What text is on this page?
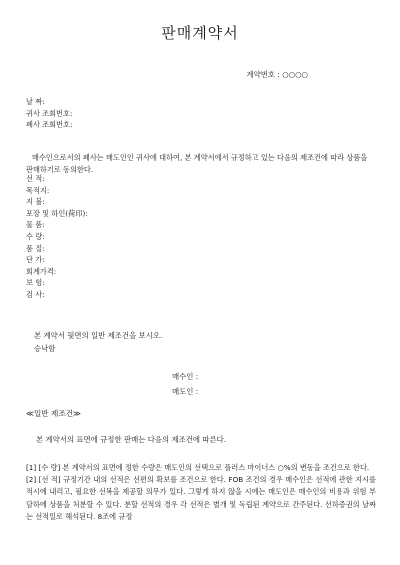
판매계약서
계약번호 : ○○○○
날 짜:
귀사 조회번호:
폐사 조회번호:
매수인으로서의 폐사는 매도인인 귀사에 대하여, 본 계약서에서 규정하고 있는 다음의 제조건에 따라 상품을 판매하기로 동의한다.
선 적:
목적지:
지 불:
포장 및 하인(荷印):
물 품:
수 량:
품 질:
단 가:
회계가격:
보 험:
검 사:
본 계약서 뒷면의 일반 제조건을 보시오.
승낙함
매수인 :
매도인 :
≪일반 제조건≫
본 계약서의 표면에 규정한 판매는 다음의 제조건에 따른다.

[1] [수 량] 본 계약서의 표면에 정한 수량은 매도인의 선택으로 플러스 마이너스 ○%의 변동을 조건으로 한다.

[2] [선 적] 규정기간 내의 선적은 선편의 확보를 조건으로 한다. FOB 조건의 경우 매수인은 선적에 관한 지시를 적시에 내리고, 필요한 선복을 제공할 의무가 있다. 그렇게 하지 않을 시에는 매도인은 매수인의 비용과 위험 부담하에 상품을 처분할 수 있다. 분할 선적의 경우 각 선적은 별개 및 독립된 계약으로 간주된다. 선하증권의 날짜는 선적일로 해석된다. 8조에 규정
